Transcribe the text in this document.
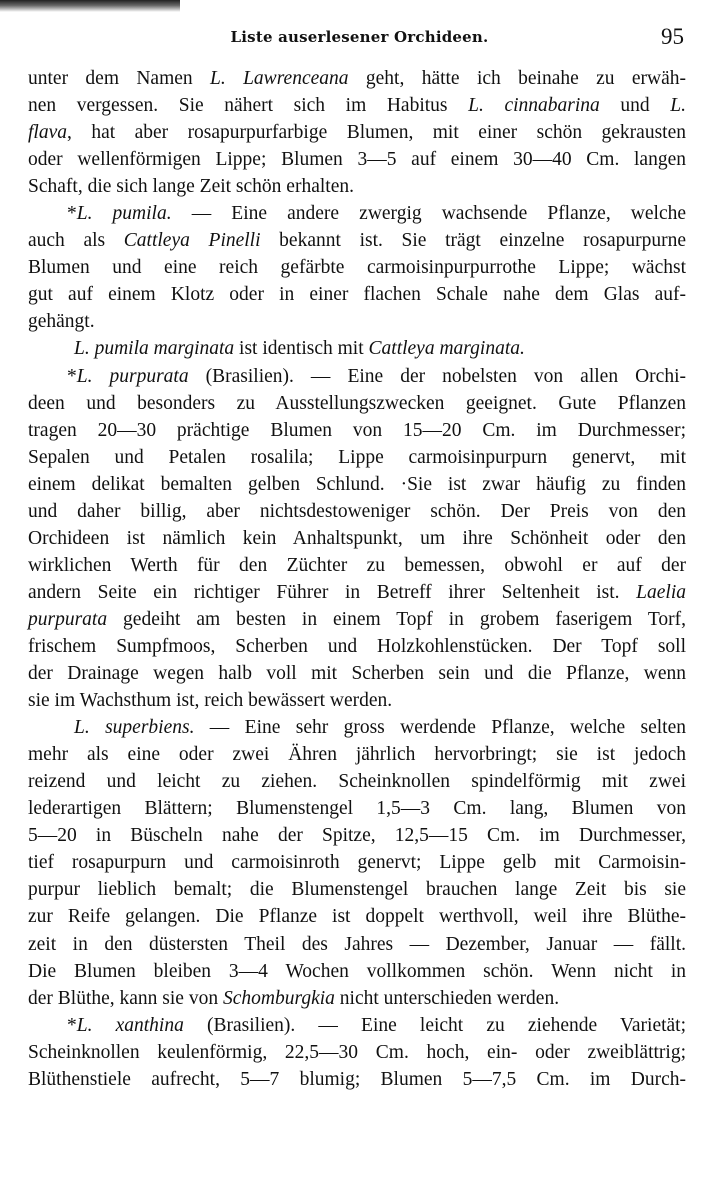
Liste auserlesener Orchideen.	95
unter dem Namen L. Lawrenceana geht, hätte ich beinahe zu erwäh-
nen vergessen. Sie nähert sich im Habitus L. cinnabarina und L.
flava, hat aber rosapurpurfarbige Blumen, mit einer schön gekrausten
oder wellenförmigen Lippe; Blumen 3—5 auf einem 30—40 Cm. langen
Schaft, die sich lange Zeit schön erhalten.
*L. pumila. — Eine andere zwergig wachsende Pflanze, welche
auch als Cattleya Pinelli bekannt ist. Sie trägt einzelne rosapurpurne
Blumen und eine reich gefärbte carmoisinpurpurrothe Lippe; wächst
gut auf einem Klotz oder in einer flachen Schale nahe dem Glas auf-
gehängt.
L. pumila marginata ist identisch mit Cattleya marginata.
*L. purpurata (Brasilien). — Eine der nobelsten von allen Orchi-
deen und besonders zu Ausstellungszwecken geeignet. Gute Pflanzen
tragen 20—30 prächtige Blumen von 15—20 Cm. im Durchmesser;
Sepalen und Petalen rosalila; Lippe carmoisinpurpurn genervt, mit
einem delikat bemalten gelben Schlund. ·Sie ist zwar häufig zu finden
und daher billig, aber nichtsdestoweniger schön. Der Preis von den
Orchideen ist nämlich kein Anhaltspunkt, um ihre Schönheit oder den
wirklichen Werth für den Züchter zu bemessen, obwohl er auf der
andern Seite ein richtiger Führer in Betreff ihrer Seltenheit ist. Laelia
purpurata gedeiht am besten in einem Topf in grobem faserigem Torf,
frischem Sumpfmoos, Scherben und Holzkohlenstücken. Der Topf soll
der Drainage wegen halb voll mit Scherben sein und die Pflanze, wenn
sie im Wachsthum ist, reich bewässert werden.
L. superbiens. — Eine sehr gross werdende Pflanze, welche selten
mehr als eine oder zwei Ähren jährlich hervorbringt; sie ist jedoch
reizend und leicht zu ziehen. Scheinknollen spindelförmig mit zwei
lederartigen Blättern; Blumenstengel 1,5—3 Cm. lang, Blumen von
5—20 in Büscheln nahe der Spitze, 12,5—15 Cm. im Durchmesser,
tief rosapurpurn und carmoisinroth genervt; Lippe gelb mit Carmoisin-
purpur lieblich bemalt; die Blumenstengel brauchen lange Zeit bis sie
zur Reife gelangen. Die Pflanze ist doppelt werthvoll, weil ihre Blüthe-
zeit in den düstersten Theil des Jahres — Dezember, Januar — fällt.
Die Blumen bleiben 3—4 Wochen vollkommen schön. Wenn nicht in
der Blüthe, kann sie von Schomburgkia nicht unterschieden werden.
*L. xanthina (Brasilien). — Eine leicht zu ziehende Varietät;
Scheinknollen keulenförmig, 22,5—30 Cm. hoch, ein- oder zweiblättrig;
Blüthenstiele aufrecht, 5—7 blumig; Blumen 5—7,5 Cm. im Durch-
